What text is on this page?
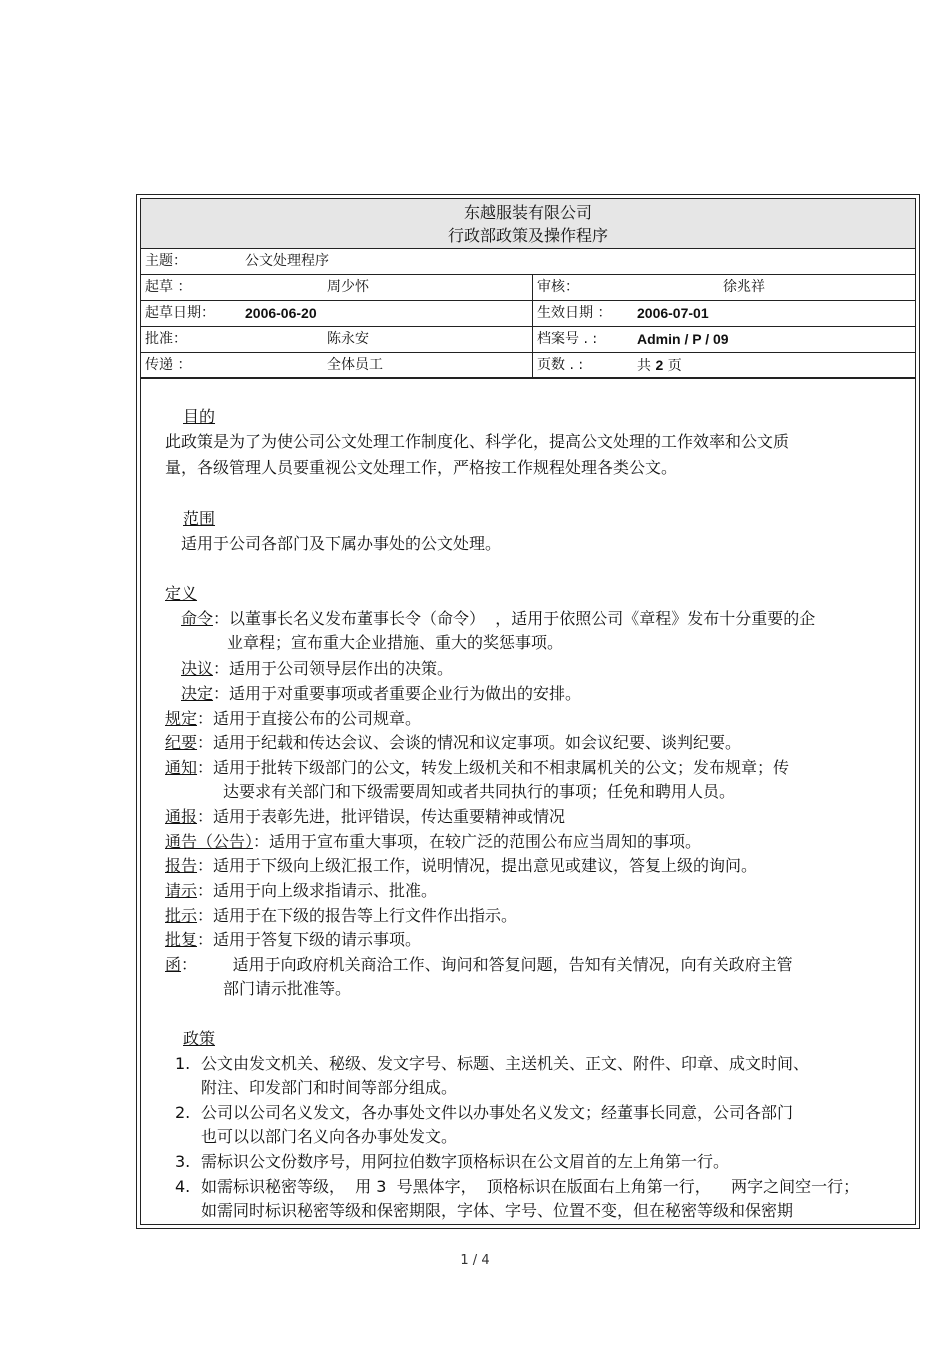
东越服装有限公司
行政部政策及操作程序
主题：	公文处理程序
起草 ：	周少怀	审核：	徐兆祥
起草日期： 2006-06-20	生效日期 ： 2006-07-01
批准：	陈永安	档案号 . :	Admin / P / 09
传递 ：	全体员工	页数 . :	共 2 页
目的
此政策是为了为使公司公文处理工作制度化、科学化，提高公文处理的工作效率和公文质
量，各级管理人员要重视公文处理工作，严格按工作规程处理各类公文。
范围
适用于公司各部门及下属办事处的公文处理。
定义
命令：以董事长名义发布董事长令（命令）  ，适用于依照公司《章程》发布十分重要的企
业章程；宣布重大企业措施、重大的奖惩事项。
决议：适用于公司领导层作出的决策。
决定：适用于对重要事项或者重要企业行为做出的安排。
规定：适用于直接公布的公司规章。
纪要：适用于纪载和传达会议、会谈的情况和议定事项。如会议纪要、谈判纪要。
通知：适用于批转下级部门的公文，转发上级机关和不相隶属机关的公文；发布规章；传
达要求有关部门和下级需要周知或者共同执行的事项；任免和聘用人员。
通报：适用于表彰先进，批评错误，传达重要精神或情况
通告（公告）：适用于宣布重大事项，在较广泛的范围公布应当周知的事项。
报告：适用于下级向上级汇报工作，说明情况，提出意见或建议，答复上级的询问。
请示：适用于向上级求指请示、批准。
批示：适用于在下级的报告等上行文件作出指示。
批复：适用于答复下级的请示事项。
函：       适用于向政府机关商洽工作、询问和答复问题，告知有关情况，向有关政府主管
部门请示批准等。
政策
1. 公文由发文机关、秘级、发文字号、标题、主送机关、正文、附件、印章、成文时间、
附注、印发部门和时间等部分组成。
2. 公司以公司名义发文，各办事处文件以办事处名义发文；经董事长同意，公司各部门
也可以以部门名义向各办事处发文。
3. 需标识公文份数序号，用阿拉伯数字顶格标识在公文眉首的左上角第一行。
4. 如需标识秘密等级，  用 3  号黑体字，  顶格标识在版面右上角第一行，    两字之间空一行；
如需同时标识秘密等级和保密期限，字体、字号、位置不变，但在秘密等级和保密期
1 / 4
